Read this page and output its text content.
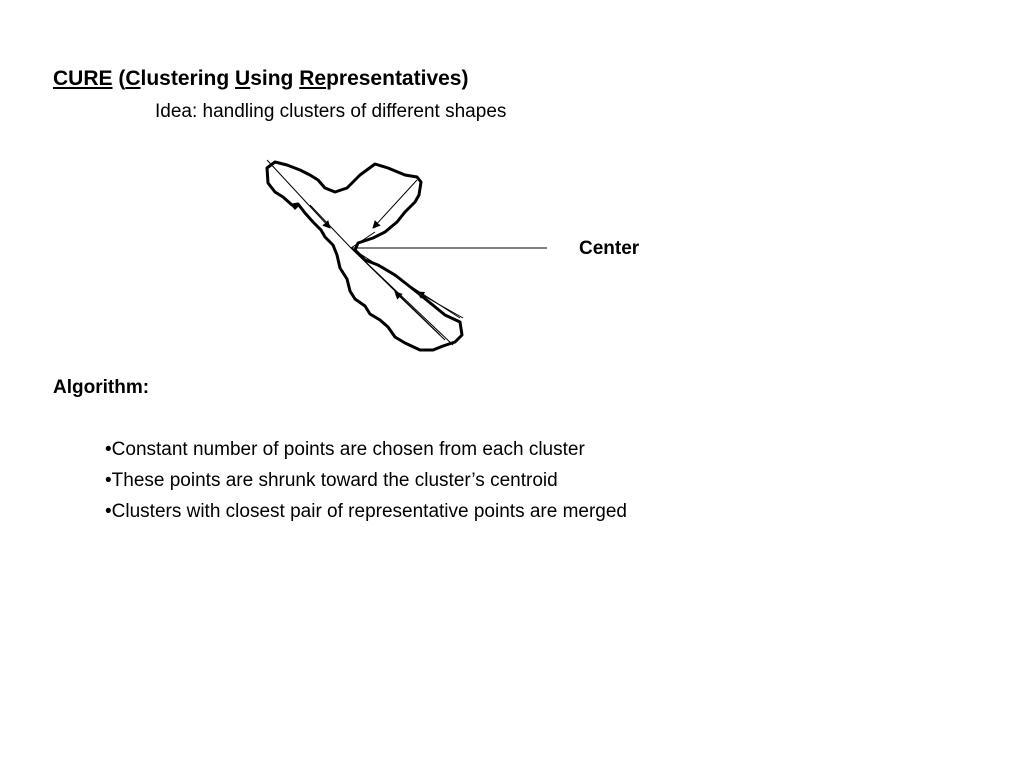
CURE (Clustering Using Representatives)
Idea: handling clusters of different shapes
Center
Algorithm:
• Constant number of points are chosen from each cluster
• These points are shrunk toward the cluster’s centroid
• Clusters with closest pair of representative points are merged
